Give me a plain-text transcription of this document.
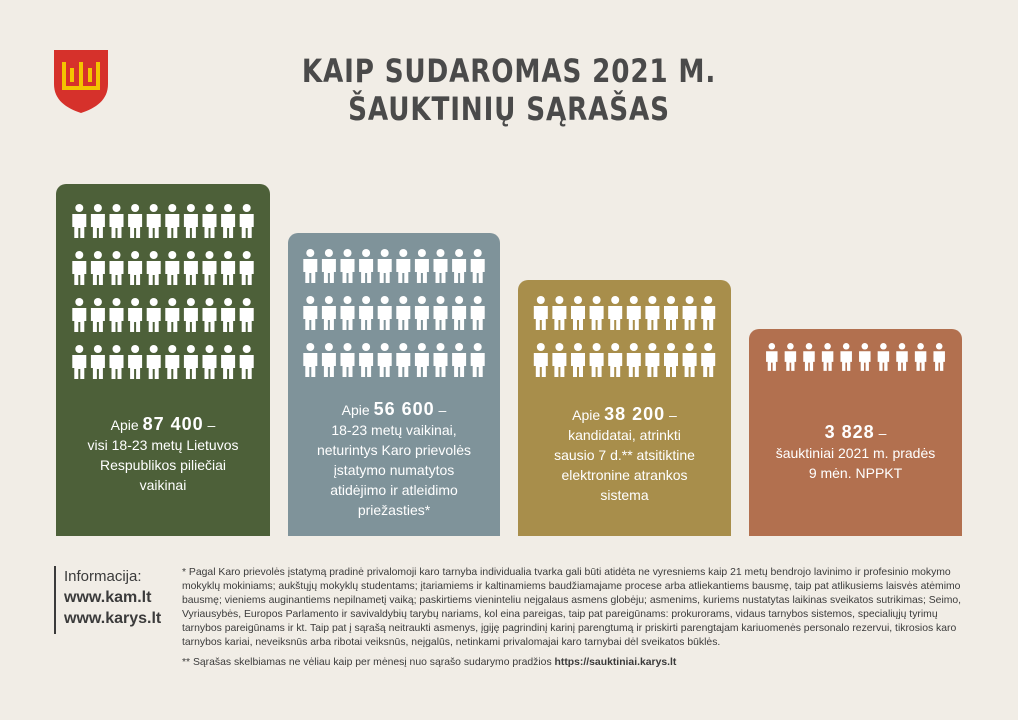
KAIP SUDAROMAS 2021 M.
ŠAUKTINIŲ SĄRAŠAS
Apie 87 400 –
visi 18-23 metų Lietuvos
Respublikos piliečiai
vaikinai
Apie 56 600 –
18-23 metų vaikinai,
neturintys Karo prievolės
įstatymo numatytos
atidėjimo ir atleidimo
priežasties*
Apie 38 200 –
kandidatai, atrinkti
sausio 7 d.** atsitiktine
elektronine atrankos
sistema
3 828 –
šauktiniai 2021 m. pradės
9 mėn. NPPKT
Informacija:
www.kam.lt
www.karys.lt

* Pagal Karo prievolės įstatymą pradinė privalomoji karo tarnyba individualia tvarka gali būti atidėta ne vyresniems kaip 21 metų bendrojo lavinimo ir profesinio mokymo mokyklų mokiniams; aukštųjų mokyklų studentams; įtariamiems ir kaltinamiems baudžiamajame procese arba atliekantiems bausmę, taip pat atlikusiems laisvės atėmimo bausmę; vieniems auginantiems nepilnametį vaiką; paskirtiems vieninteliu neįgalaus asmens globėju; asmenims, kuriems nustatytas laikinas sveikatos sutrikimas; Seimo, Vyriausybės, Europos Parlamento ir savivaldybių tarybų nariams, kol eina pareigas, taip pat pareigūnams: prokurorams, vidaus tarnybos sistemos, specialiųjų tyrimų tarnybos pareigūnams ir kt. Taip pat į sąrašą neitraukti asmenys, įgiję pagrindinį karinį parengtumą ir priskirti parengtajam kariuomenės personalo rezervui, tikrosios karo tarnybos kariai, neveiksnūs arba ribotai veiksnūs, neįgalūs, netinkami privalomajai karo tarnybai dėl sveikatos būklės.

** Sąrašas skelbiamas ne vėliau kaip per mėnesį nuo sąrašo sudarymo pradžios https://sauktiniai.karys.lt
